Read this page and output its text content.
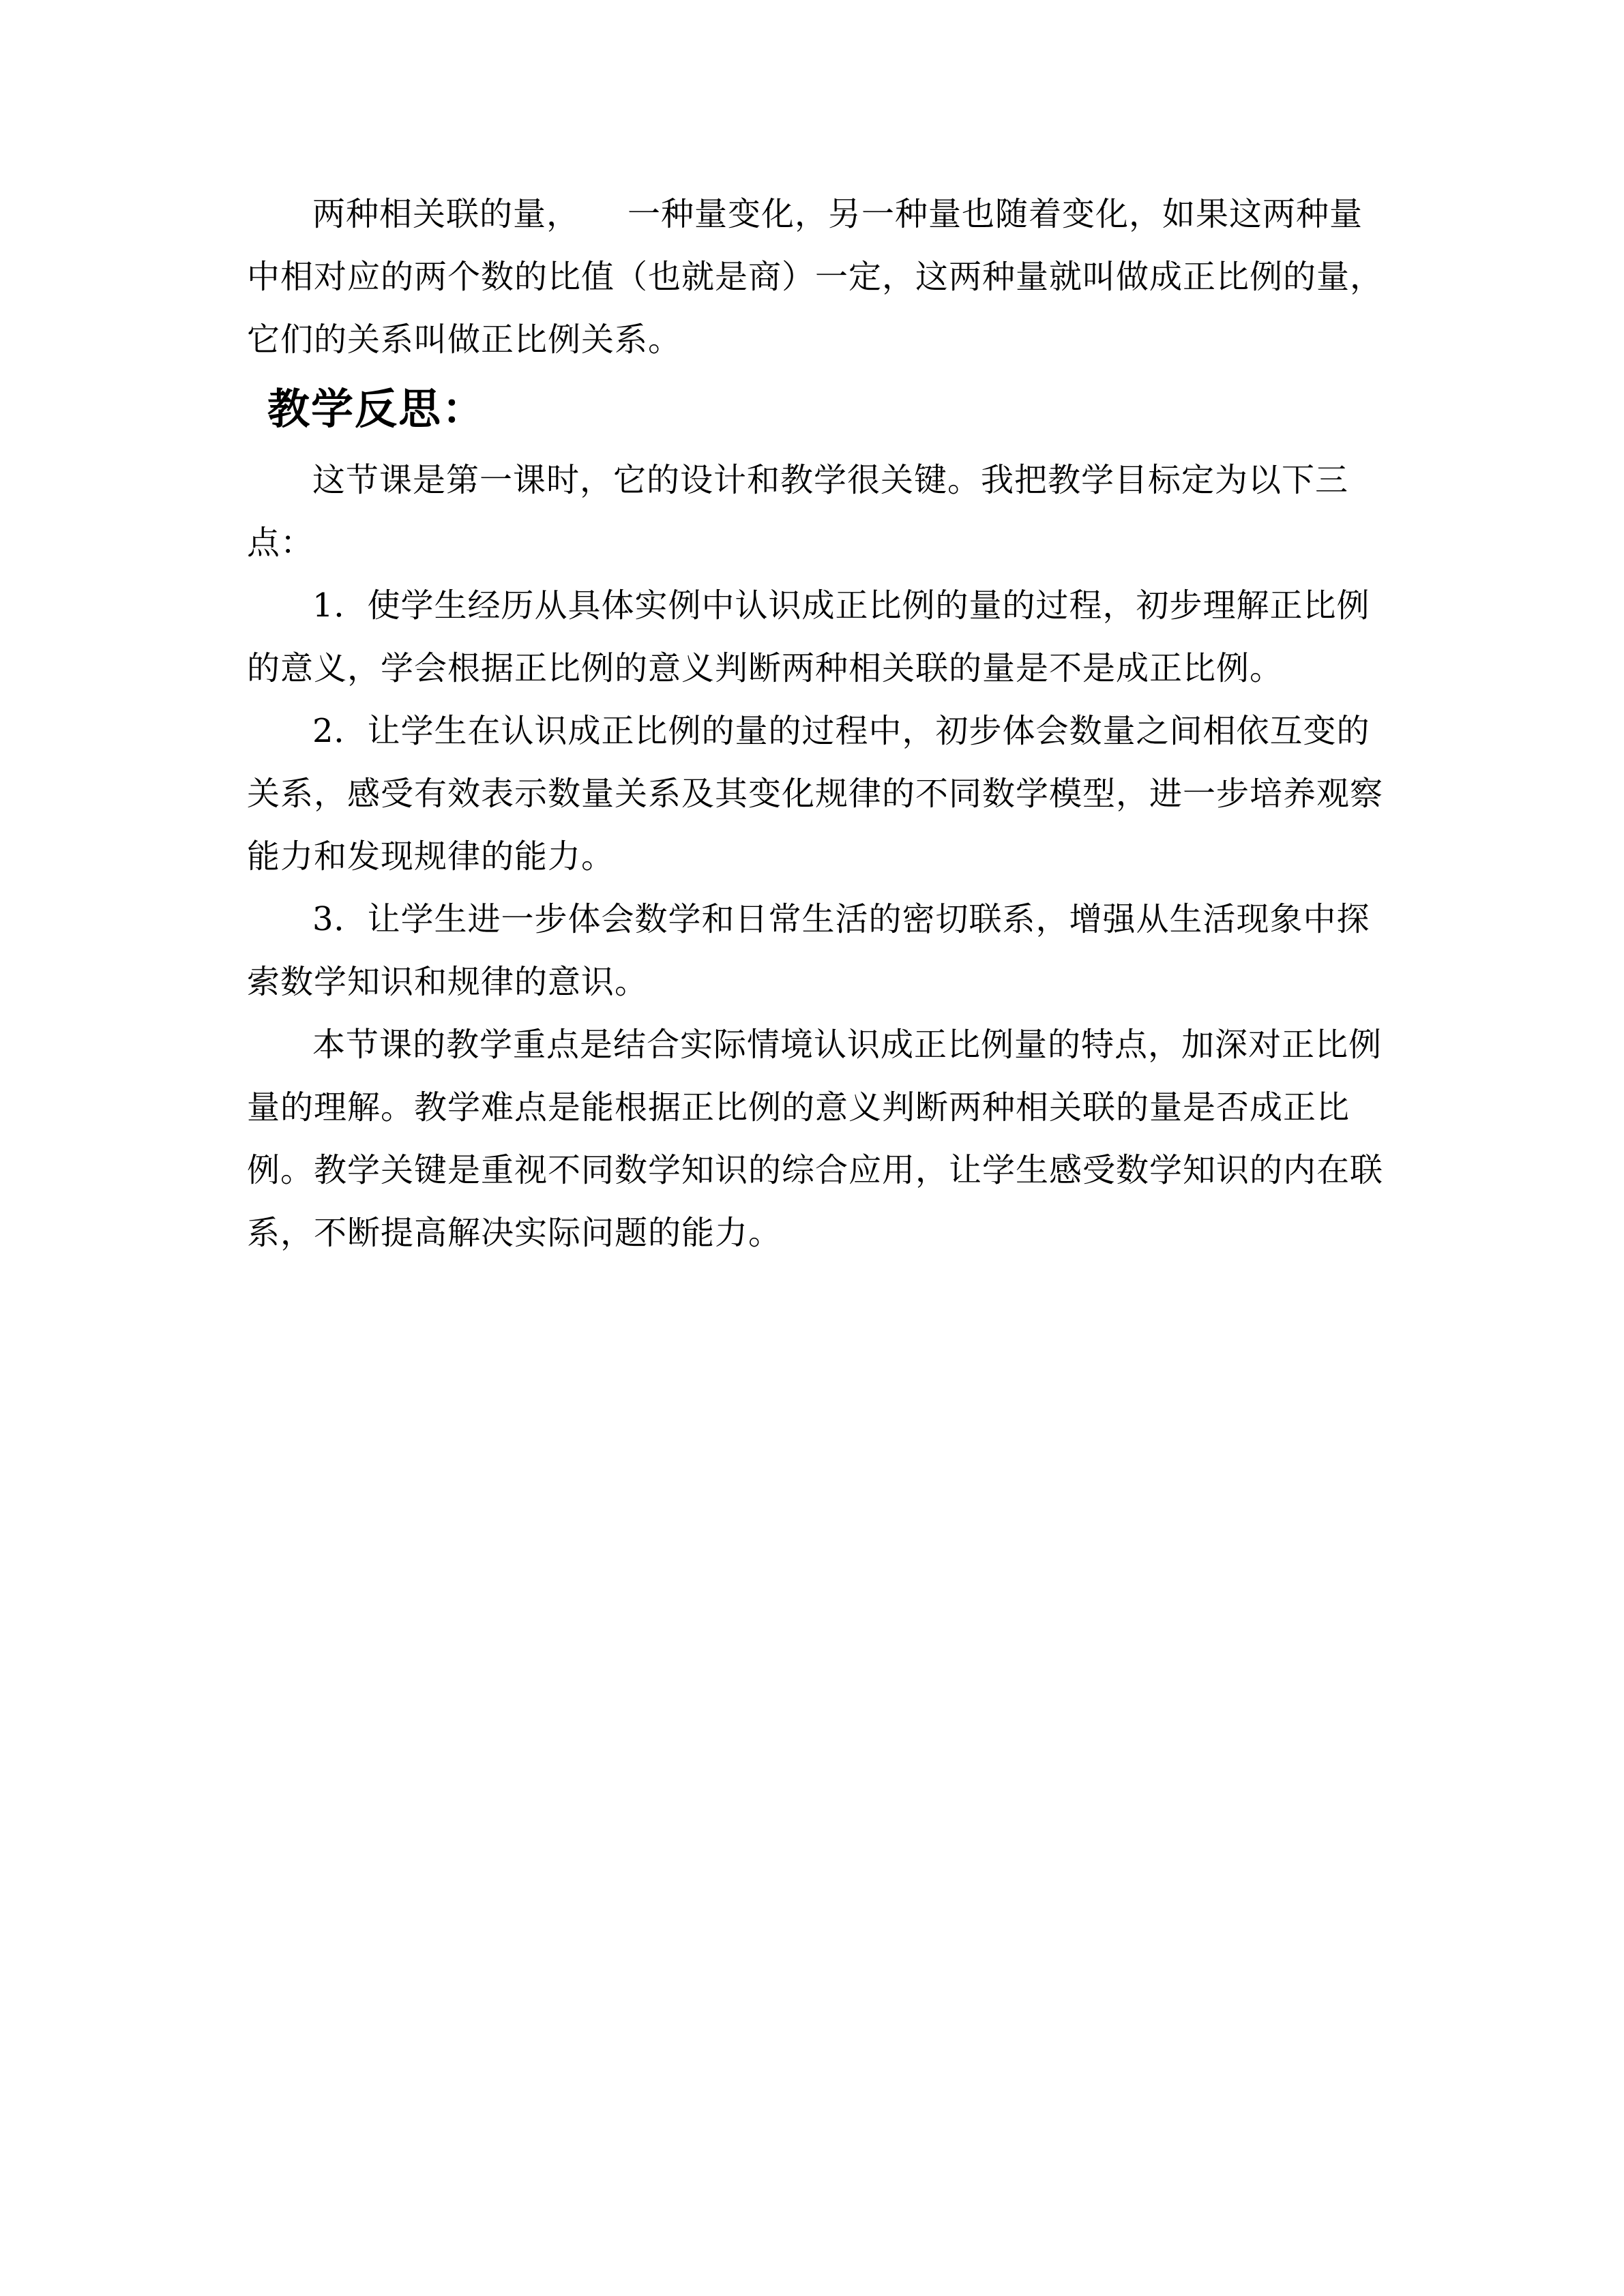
两种相关联的量， 一种量变化，另一种量也随着变化，如果这两种量中相对应的两个数的比值（也就是商）一定，这两种量就叫做成正比例的量，它们的关系叫做正比例关系。

教学反思：

这节课是第一课时，它的设计和教学很关键。我把教学目标定为以下三点：

1．使学生经历从具体实例中认识成正比例的量的过程，初步理解正比例的意义，学会根据正比例的意义判断两种相关联的量是不是成正比例。

2．让学生在认识成正比例的量的过程中，初步体会数量之间相依互变的关系，感受有效表示数量关系及其变化规律的不同数学模型，进一步培养观察能力和发现规律的能力。

3．让学生进一步体会数学和日常生活的密切联系，增强从生活现象中探索数学知识和规律的意识。

本节课的教学重点是结合实际情境认识成正比例量的特点，加深对正比例量的理解。教学难点是能根据正比例的意义判断两种相关联的量是否成正比例。教学关键是重视不同数学知识的综合应用，让学生感受数学知识的内在联系，不断提高解决实际问题的能力。
